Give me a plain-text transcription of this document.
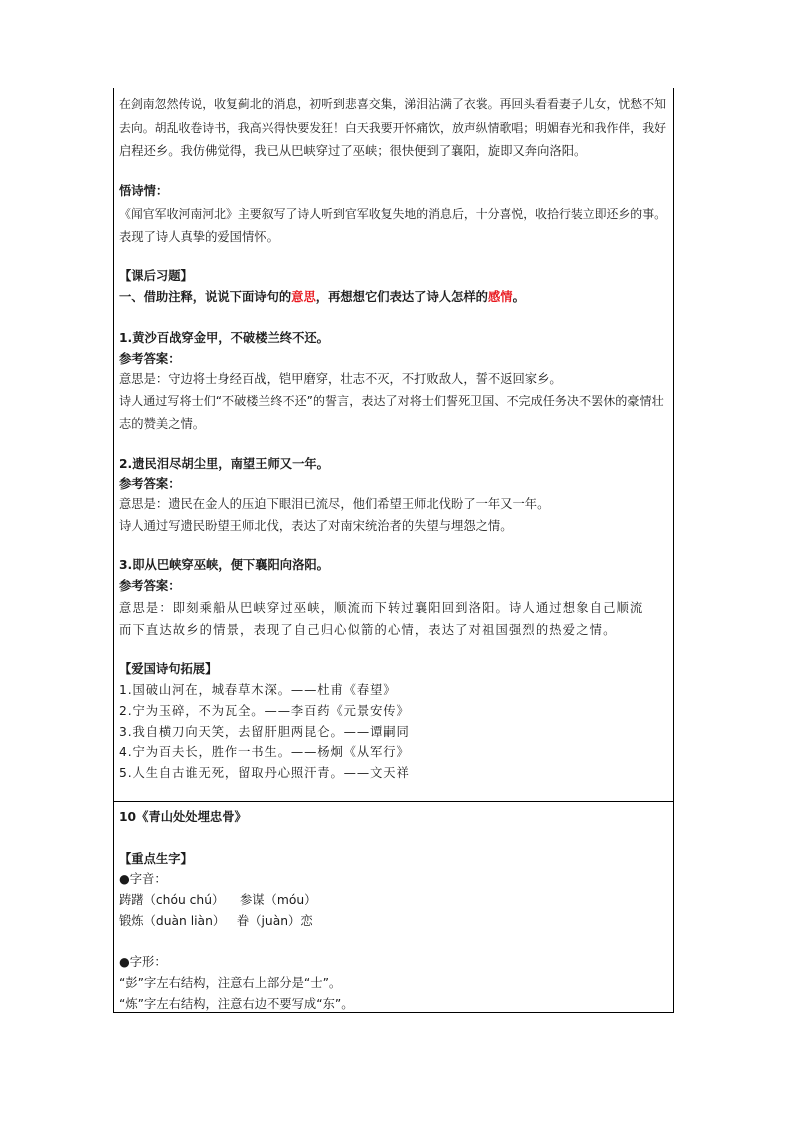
在剑南忽然传说，收复蓟北的消息，初听到悲喜交集，涕泪沾满了衣裳。再回头看看妻子儿女，忧愁不知
去向。胡乱收卷诗书，我高兴得快要发狂！白天我要开怀痛饮，放声纵情歌唱；明媚春光和我作伴，我好
启程还乡。我仿佛觉得，我已从巴峡穿过了巫峡；很快便到了襄阳，旋即又奔向洛阳。
悟诗情：
《闻官军收河南河北》主要叙写了诗人听到官军收复失地的消息后，十分喜悦，收拾行装立即还乡的事。
表现了诗人真挚的爱国情怀。
【课后习题】
一、借助注释，说说下面诗句的意思，再想想它们表达了诗人怎样的感情。
1.黄沙百战穿金甲，不破楼兰终不还。
参考答案：
意思是：守边将士身经百战，铠甲磨穿，壮志不灭，不打败敌人，誓不返回家乡。
诗人通过写将士们“不破楼兰终不还”的誓言，表达了对将士们誓死卫国、不完成任务决不罢休的豪情壮
志的赞美之情。
2.遗民泪尽胡尘里，南望王师又一年。
参考答案：
意思是：遗民在金人的压迫下眼泪已流尽，他们希望王师北伐盼了一年又一年。
诗人通过写遗民盼望王师北伐，表达了对南宋统治者的失望与埋怨之情。
3.即从巴峡穿巫峡，便下襄阳向洛阳。
参考答案：
意思是：即刻乘船从巴峡穿过巫峡，顺流而下转过襄阳回到洛阳。诗人通过想象自己顺流
而下直达故乡的情景，表现了自己归心似箭的心情，表达了对祖国强烈的热爱之情。
【爱国诗句拓展】
1.国破山河在，城春草木深。——杜甫《春望》
2.宁为玉碎，不为瓦全。——李百药《元景安传》
3.我自横刀向天笑，去留肝胆两昆仑。——谭嗣同
4.宁为百夫长，胜作一书生。——杨炯《从军行》
5.人生自古谁无死，留取丹心照汗青。——文天祥
10《青山处处埋忠骨》
【重点生字】
●字音：
踌躇（chóu chú）    参谋（móu）
锻炼（duàn liàn）   眷（juàn）恋
●字形：
“彭”字左右结构，注意右上部分是“士”。
“炼”字左右结构，注意右边不要写成“东”。
